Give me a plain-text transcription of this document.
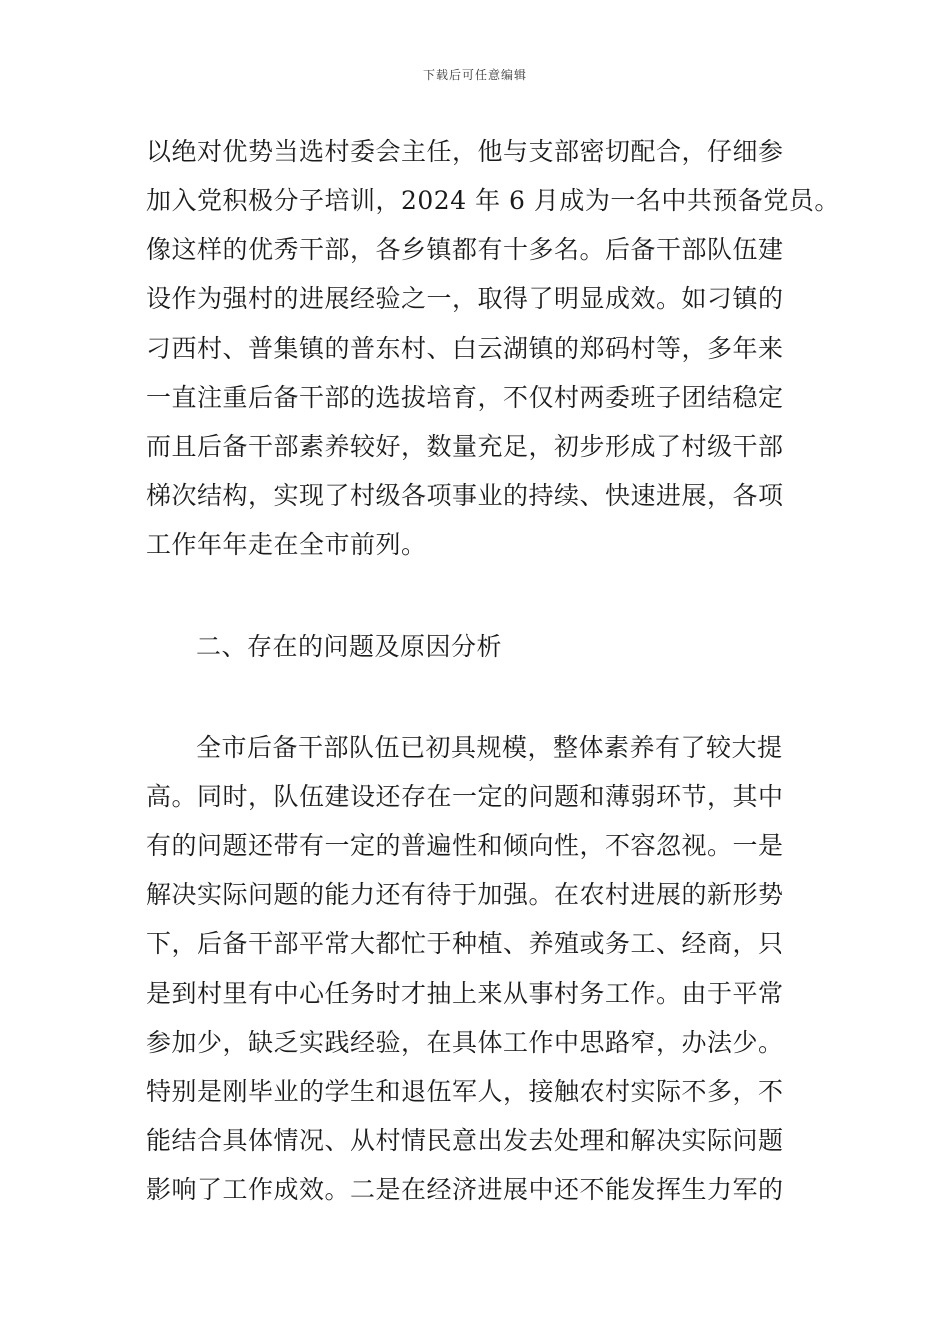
下载后可任意编辑
以绝对优势当选村委会主任，他与支部密切配合，仔细参
加入党积极分子培训，2024 年 6 月成为一名中共预备党员。
像这样的优秀干部，各乡镇都有十多名。后备干部队伍建
设作为强村的进展经验之一，取得了明显成效。如刁镇的
刁西村、普集镇的普东村、白云湖镇的郑码村等，多年来
一直注重后备干部的选拔培育，不仅村两委班子团结稳定
而且后备干部素养较好，数量充足，初步形成了村级干部
梯次结构，实现了村级各项事业的持续、快速进展，各项
工作年年走在全市前列。
二、存在的问题及原因分析
全市后备干部队伍已初具规模，整体素养有了较大提
高。同时，队伍建设还存在一定的问题和薄弱环节，其中
有的问题还带有一定的普遍性和倾向性，不容忽视。一是
解决实际问题的能力还有待于加强。在农村进展的新形势
下，后备干部平常大都忙于种植、养殖或务工、经商，只
是到村里有中心任务时才抽上来从事村务工作。由于平常
参加少，缺乏实践经验，在具体工作中思路窄，办法少。
特别是刚毕业的学生和退伍军人，接触农村实际不多，不
能结合具体情况、从村情民意出发去处理和解决实际问题
影响了工作成效。二是在经济进展中还不能发挥生力军的
